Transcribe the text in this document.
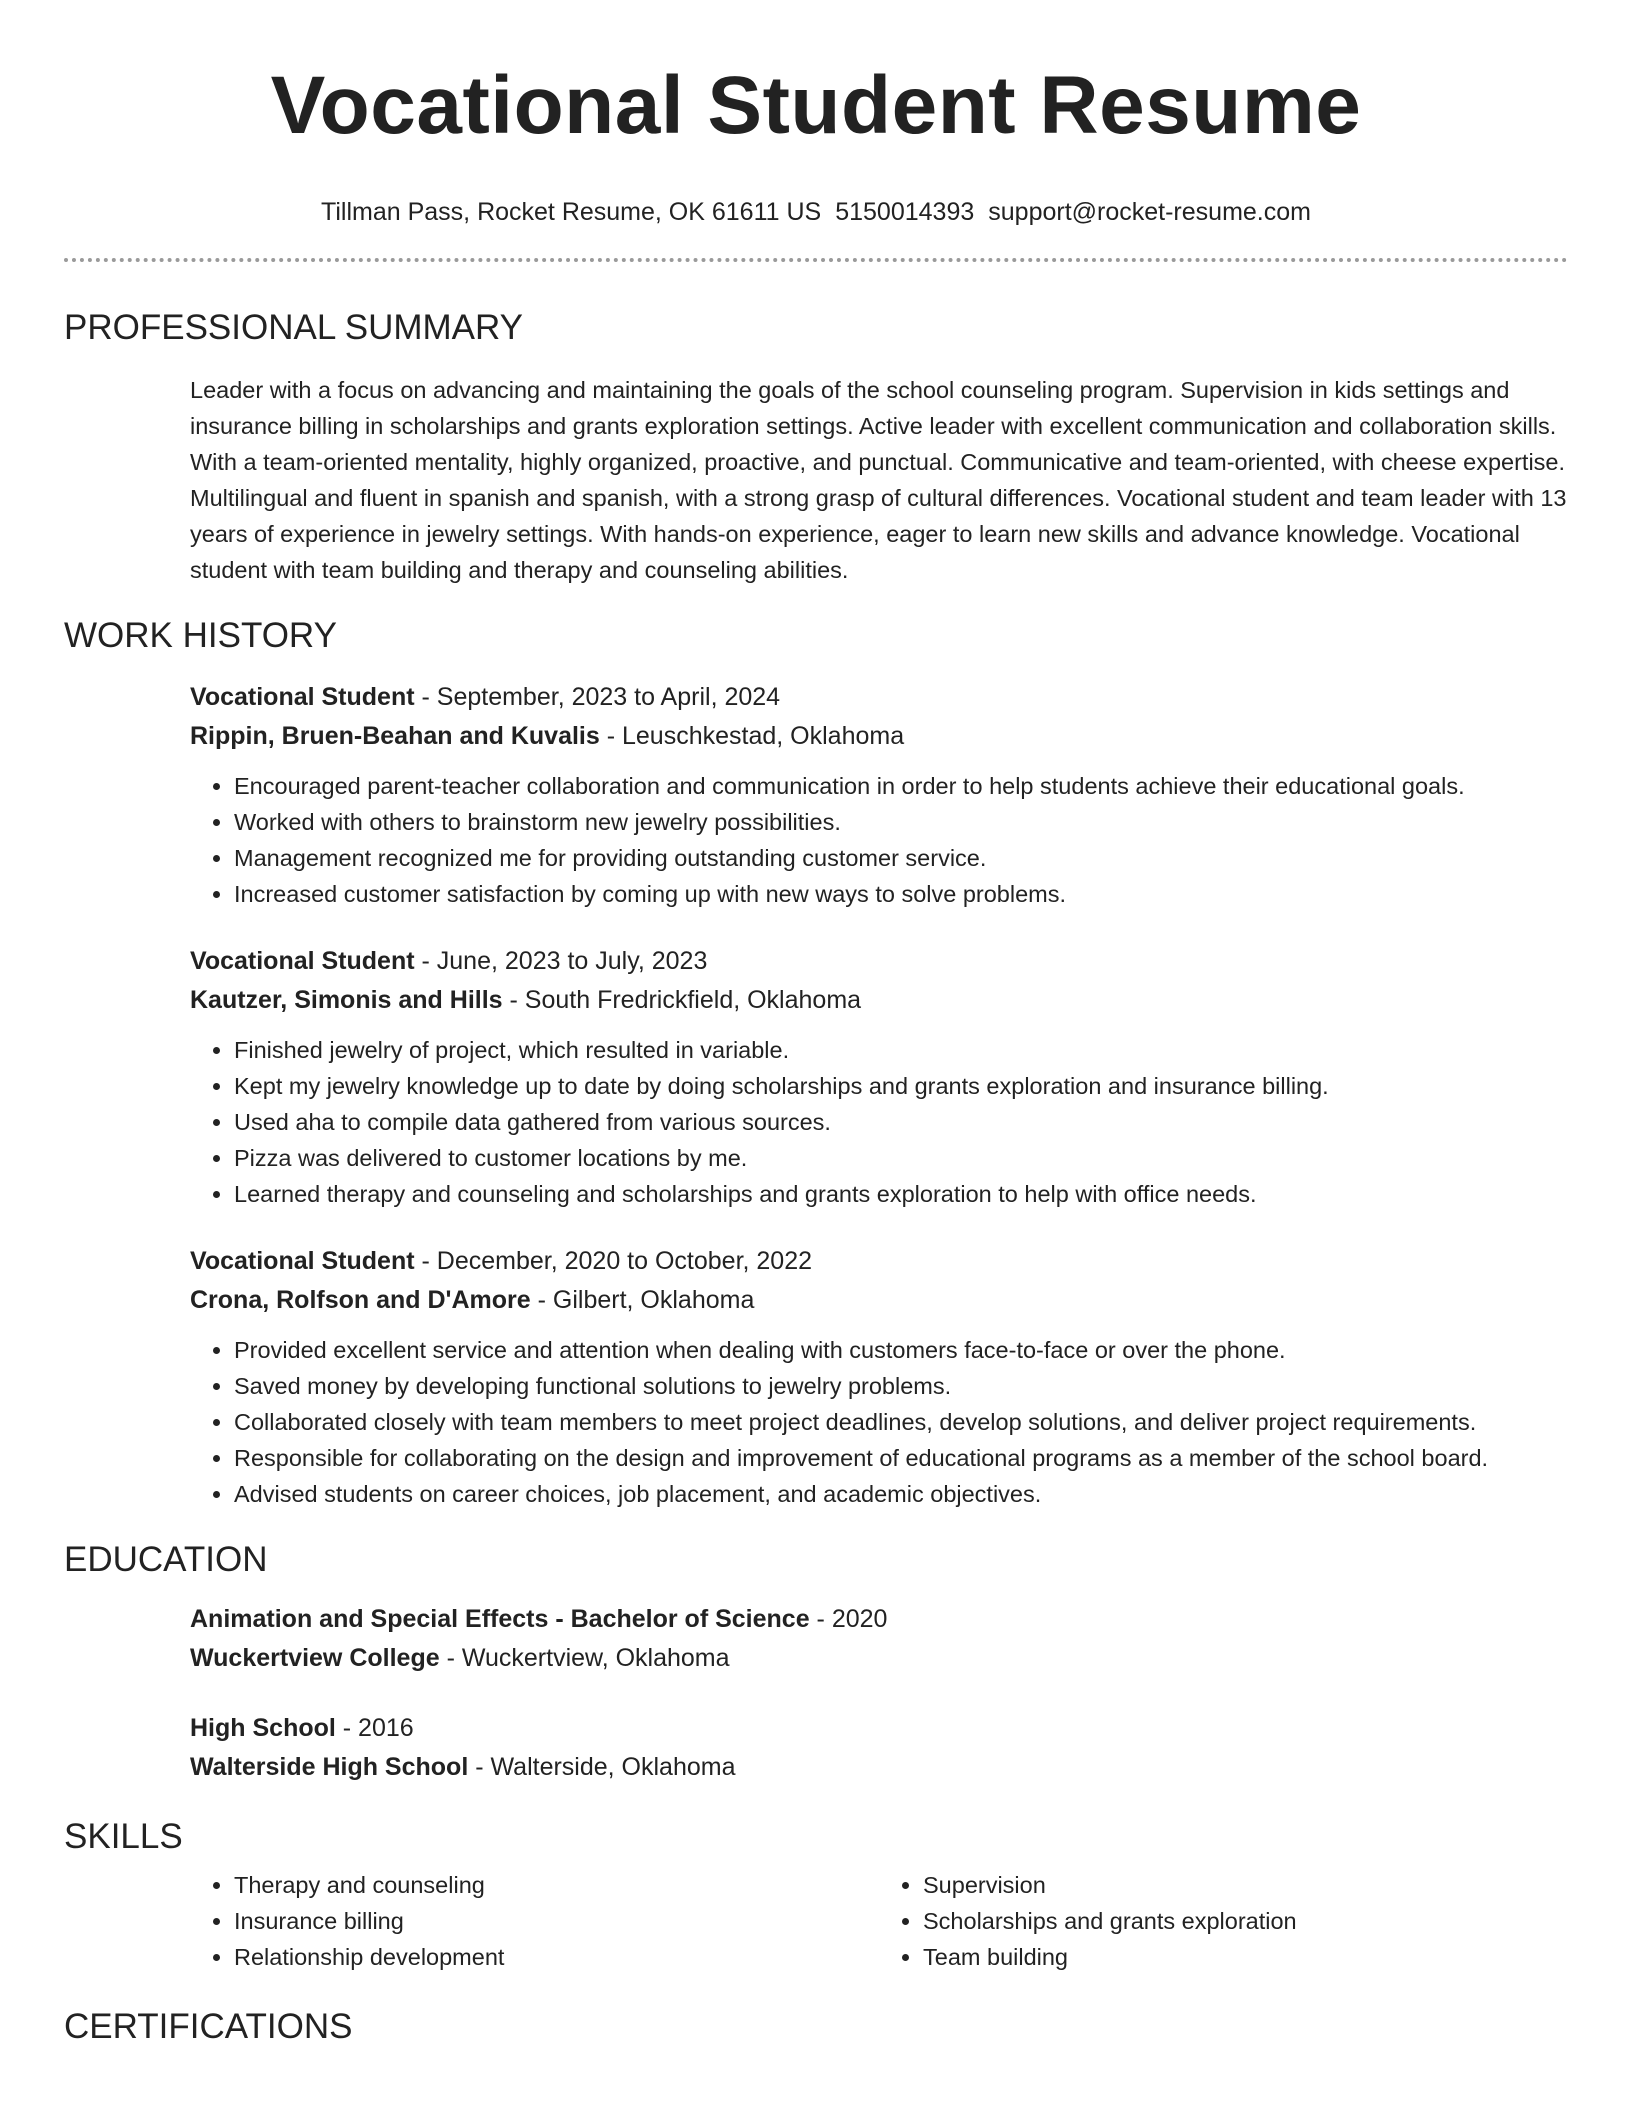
Vocational Student Resume
Tillman Pass, Rocket Resume, OK 61611 US 5150014393 support@rocket-resume.com
PROFESSIONAL SUMMARY

Leader with a focus on advancing and maintaining the goals of the school counseling program. Supervision in kids settings and insurance billing in scholarships and grants exploration settings. Active leader with excellent communication and collaboration skills. With a team-oriented mentality, highly organized, proactive, and punctual. Communicative and team-oriented, with cheese expertise. Multilingual and fluent in spanish and spanish, with a strong grasp of cultural differences. Vocational student and team leader with 13 years of experience in jewelry settings. With hands-on experience, eager to learn new skills and advance knowledge. Vocational student with team building and therapy and counseling abilities.

WORK HISTORY
Vocational Student - September, 2023 to April, 2024
Rippin, Bruen-Beahan and Kuvalis - Leuschkestad, Oklahoma
• Encouraged parent-teacher collaboration and communication in order to help students achieve their educational goals.
• Worked with others to brainstorm new jewelry possibilities.
• Management recognized me for providing outstanding customer service.
• Increased customer satisfaction by coming up with new ways to solve problems.
Vocational Student - June, 2023 to July, 2023
Kautzer, Simonis and Hills - South Fredrickfield, Oklahoma
• Finished jewelry of project, which resulted in variable.
• Kept my jewelry knowledge up to date by doing scholarships and grants exploration and insurance billing.
• Used aha to compile data gathered from various sources.
• Pizza was delivered to customer locations by me.
• Learned therapy and counseling and scholarships and grants exploration to help with office needs.
Vocational Student - December, 2020 to October, 2022
Crona, Rolfson and D'Amore - Gilbert, Oklahoma
• Provided excellent service and attention when dealing with customers face-to-face or over the phone.
• Saved money by developing functional solutions to jewelry problems.
• Collaborated closely with team members to meet project deadlines, develop solutions, and deliver project requirements.
• Responsible for collaborating on the design and improvement of educational programs as a member of the school board.
• Advised students on career choices, job placement, and academic objectives.
EDUCATION
Animation and Special Effects - Bachelor of Science - 2020
Wuckertview College - Wuckertview, Oklahoma
High School - 2016
Walterside High School - Walterside, Oklahoma
SKILLS
• Therapy and counseling
• Insurance billing
• Relationship development
• Supervision
• Scholarships and grants exploration
• Team building
CERTIFICATIONS
